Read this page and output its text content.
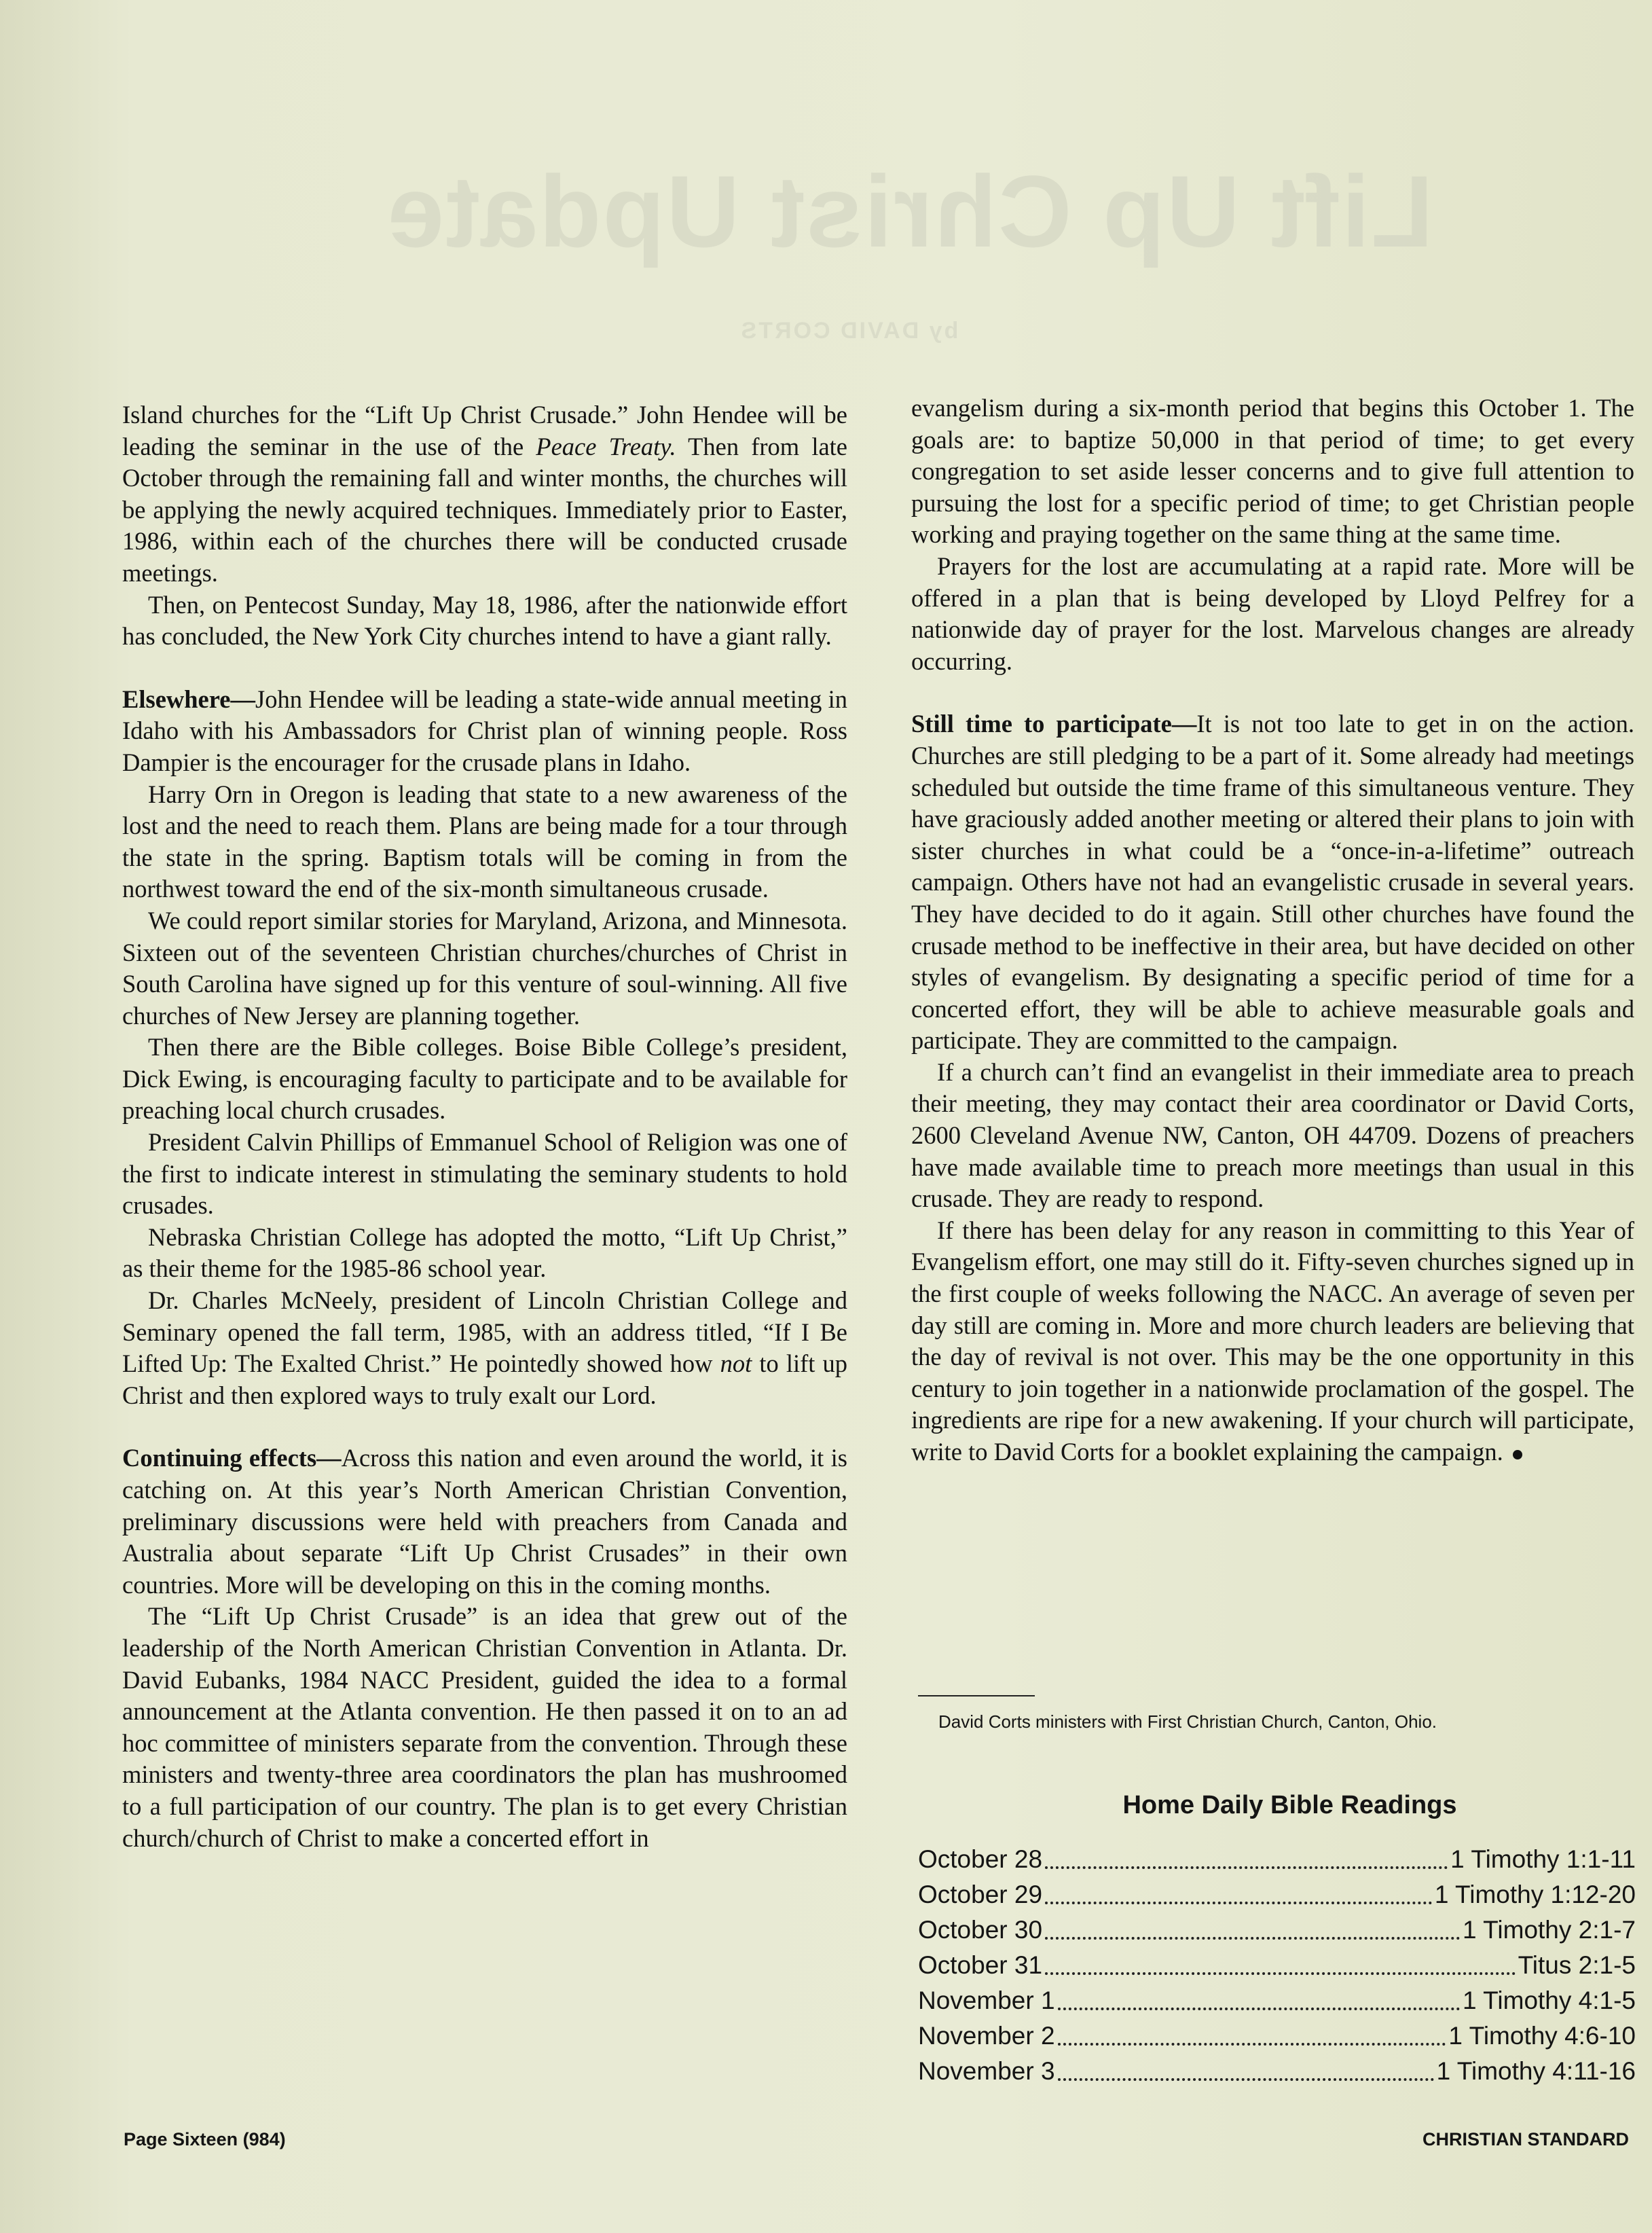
Lift Up Christ Update
by DAVID CORTS

Island churches for the “Lift Up Christ Crusade.” John Hendee will be leading the seminar in the use of the Peace Treaty. Then from late October through the remaining fall and winter months, the churches will be applying the newly acquired techniques. Immediately prior to Easter, 1986, within each of the churches there will be conducted crusade meetings.

Then, on Pentecost Sunday, May 18, 1986, after the nationwide effort has concluded, the New York City churches intend to have a giant rally.

Elsewhere—John Hendee will be leading a state-wide annual meeting in Idaho with his Ambassadors for Christ plan of winning people. Ross Dampier is the encourager for the crusade plans in Idaho.

Harry Orn in Oregon is leading that state to a new awareness of the lost and the need to reach them. Plans are being made for a tour through the state in the spring. Baptism totals will be coming in from the northwest toward the end of the six-month simultaneous crusade.

We could report similar stories for Maryland, Arizona, and Minnesota. Sixteen out of the seventeen Christian churches/churches of Christ in South Carolina have signed up for this venture of soul-winning. All five churches of New Jersey are planning together.

Then there are the Bible colleges. Boise Bible College’s president, Dick Ewing, is encouraging faculty to participate and to be available for preaching local church crusades.

President Calvin Phillips of Emmanuel School of Religion was one of the first to indicate interest in stimulating the seminary students to hold crusades.

Nebraska Christian College has adopted the motto, “Lift Up Christ,” as their theme for the 1985-86 school year.

Dr. Charles McNeely, president of Lincoln Christian College and Seminary opened the fall term, 1985, with an address titled, “If I Be Lifted Up: The Exalted Christ.” He pointedly showed how not to lift up Christ and then explored ways to truly exalt our Lord.

Continuing effects—Across this nation and even around the world, it is catching on. At this year’s North American Christian Convention, preliminary discussions were held with preachers from Canada and Australia about separate “Lift Up Christ Crusades” in their own countries. More will be developing on this in the coming months.

The “Lift Up Christ Crusade” is an idea that grew out of the leadership of the North American Christian Convention in Atlanta. Dr. David Eubanks, 1984 NACC President, guided the idea to a formal announcement at the Atlanta convention. He then passed it on to an ad hoc committee of ministers separate from the convention. Through these ministers and twenty-three area coordinators the plan has mushroomed to a full participation of our country. The plan is to get every Christian church/church of Christ to make a concerted effort in

evangelism during a six-month period that begins this October 1. The goals are: to baptize 50,000 in that period of time; to get every congregation to set aside lesser concerns and to give full attention to pursuing the lost for a specific period of time; to get Christian people working and praying together on the same thing at the same time.

Prayers for the lost are accumulating at a rapid rate. More will be offered in a plan that is being developed by Lloyd Pelfrey for a nationwide day of prayer for the lost. Marvelous changes are already occurring.

Still time to participate—It is not too late to get in on the action. Churches are still pledging to be a part of it. Some already had meetings scheduled but outside the time frame of this simultaneous venture. They have graciously added another meeting or altered their plans to join with sister churches in what could be a “once-in-a-lifetime” outreach campaign. Others have not had an evangelistic crusade in several years. They have decided to do it again. Still other churches have found the crusade method to be ineffective in their area, but have decided on other styles of evangelism. By designating a specific period of time for a concerted effort, they will be able to achieve measurable goals and participate. They are committed to the campaign.

If a church can’t find an evangelist in their immediate area to preach their meeting, they may contact their area coordinator or David Corts, 2600 Cleveland Avenue NW, Canton, OH 44709. Dozens of preachers have made available time to preach more meetings than usual in this crusade. They are ready to respond.

If there has been delay for any reason in committing to this Year of Evangelism effort, one may still do it. Fifty-seven churches signed up in the first couple of weeks following the NACC. An average of seven per day still are coming in. More and more church leaders are believing that the day of revival is not over. This may be the one opportunity in this century to join together in a nationwide proclamation of the gospel. The ingredients are ripe for a new awakening. If your church will participate, write to David Corts for a booklet explaining the campaign.

David Corts ministers with First Christian Church, Canton, Ohio.
Home Daily Bible Readings
October 28	1 Timothy 1:1-11
October 29	1 Timothy 1:12-20
October 30	1 Timothy 2:1-7
October 31	Titus 2:1-5
November 1	1 Timothy 4:1-5
November 2	1 Timothy 4:6-10
November 3	1 Timothy 4:11-16
Page Sixteen (984)	CHRISTIAN STANDARD
